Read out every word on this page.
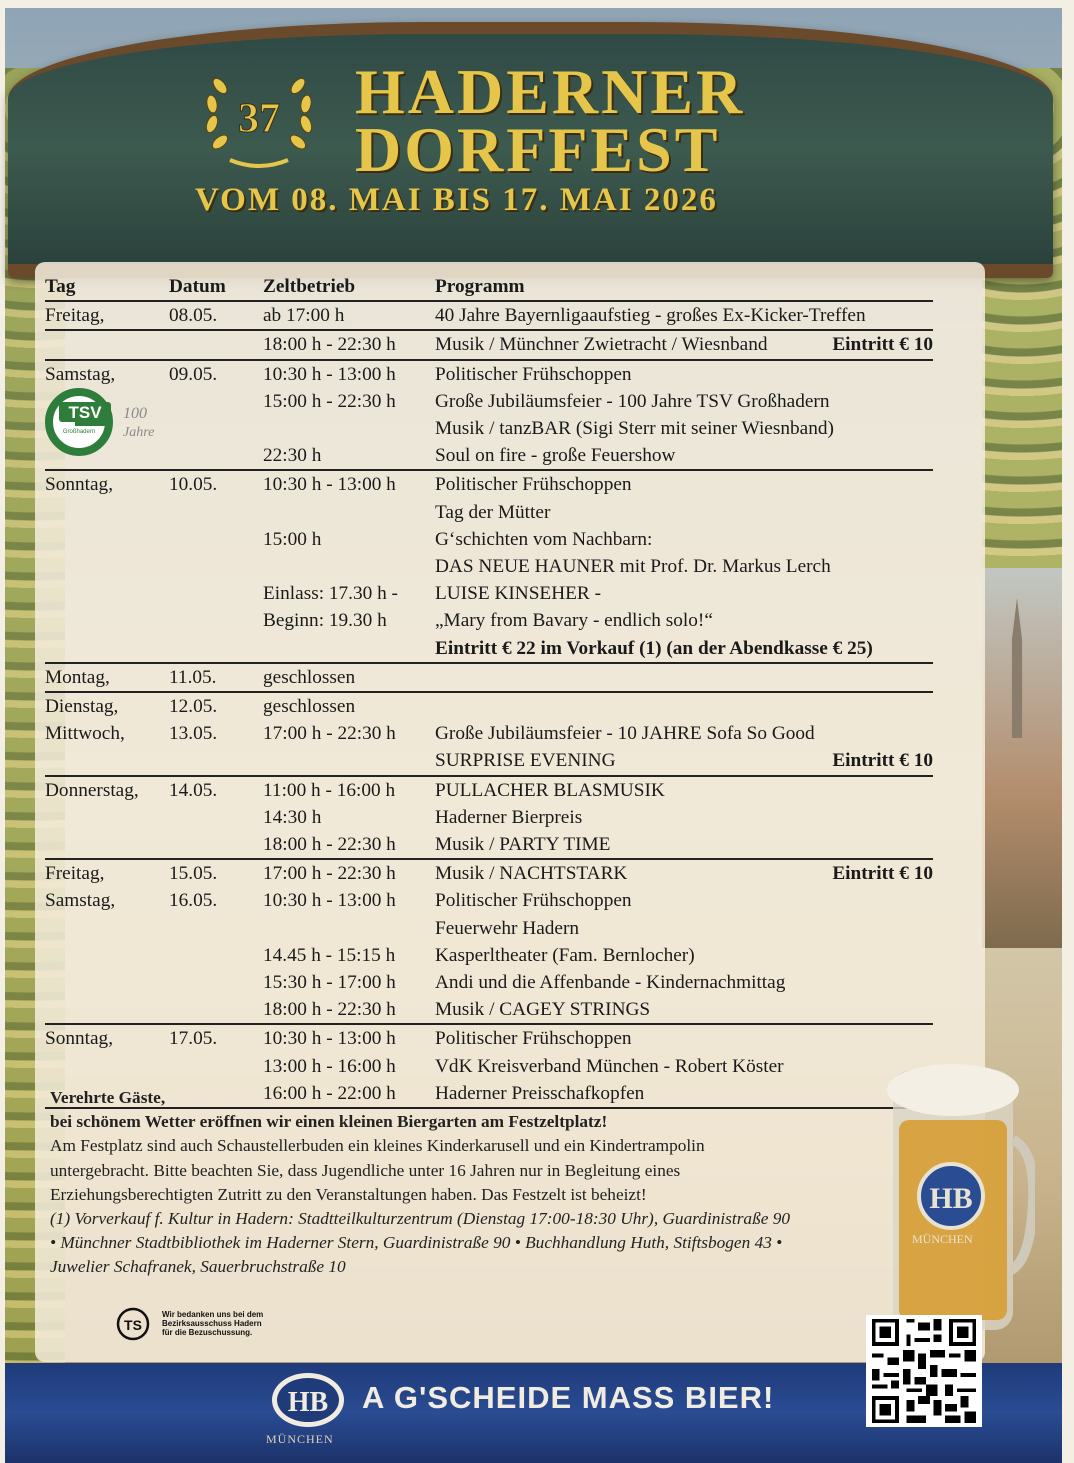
37 HADERNER
DORFFEST
VOM 08. MAI BIS 17. MAI 2026
Tag	Datum	Zeltbetrieb	Programm
Freitag,	08.05.	ab 17:00 h	40 Jahre Bayernligaaufstieg - großes Ex-Kicker-Treffen

		18:00 h - 22:30 h	Musik / Münchner Zwietracht / Wiesnband Eintritt € 10

Samstag,	09.05.	10:30 h - 13:00 h	Politischer Frühschoppen

		15:00 h - 22:30 h	Große Jubiläumsfeier - 100 Jahre TSV Großhadern

			Musik / tanzBAR (Sigi Sterr mit seiner Wiesnband)

		22:30 h	Soul on fire - große Feuershow

Sonntag,	10.05.	10:30 h - 13:00 h	Politischer Frühschoppen

			Tag der Mütter

		15:00 h	G‘schichten vom Nachbarn:

			DAS NEUE HAUNER mit Prof. Dr. Markus Lerch

		Einlass: 17.30 h -	LUISE KINSEHER -

		Beginn: 19.30 h	„Mary from Bavary - endlich solo!“

			Eintritt € 22 im Vorkauf (1) (an der Abendkasse € 25)

Montag,	11.05.	geschlossen	

Dienstag,	12.05.	geschlossen	

Mittwoch,	13.05.	17:00 h - 22:30 h	Große Jubiläumsfeier - 10 JAHRE Sofa So Good

			SURPRISE EVENING Eintritt € 10

Donnerstag,	14.05.	11:00 h - 16:00 h	PULLACHER BLASMUSIK

		14:30 h	Haderner Bierpreis

		18:00 h - 22:30 h	Musik / PARTY TIME

Freitag,	15.05.	17:00 h - 22:30 h	Musik / NACHTSTARK Eintritt € 10

Samstag,	16.05.	10:30 h - 13:00 h	Politischer Frühschoppen

			Feuerwehr Hadern

		14.45 h - 15:15 h	Kasperltheater (Fam. Bernlocher)

		15:30 h - 17:00 h	Andi und die Affenbande - Kindernachmittag

		18:00 h - 22:30 h	Musik / CAGEY STRINGS

Sonntag,	17.05.	10:30 h - 13:00 h	Politischer Frühschoppen

		13:00 h - 16:00 h	VdK Kreisverband München - Robert Köster

		16:00 h - 22:00 h	Haderner Preisschafkopfen
TSV
Großhadern
100
Jahre
Verehrte Gäste,
bei schönem Wetter eröffnen wir einen kleinen Biergarten am Festzeltplatz!
Am Festplatz sind auch Schaustellerbuden ein kleines Kinderkarusell und ein Kindertrampolin
untergebracht. Bitte beachten Sie, dass Jugendliche unter 16 Jahren nur in Begleitung eines
Erziehungsberechtigten Zutritt zu den Veranstaltungen haben. Das Festzelt ist beheizt!
(1) Vorverkauf f. Kultur in Hadern: Stadtteilkulturzentrum (Dienstag 17:00-18:30 Uhr), Guardinistraße 90
• Münchner Stadtbibliothek im Haderner Stern, Guardinistraße 90 • Buchhandlung Huth, Stiftsbogen 43 •
Juwelier Schafranek, Sauerbruchstraße 10
TS
Wir bedanken uns bei dem
Bezirksausschuss Hadern
für die Bezuschussung.
HB
MÜNCHEN
HB
MÜNCHEN
A G'SCHEIDE MASS BIER!
